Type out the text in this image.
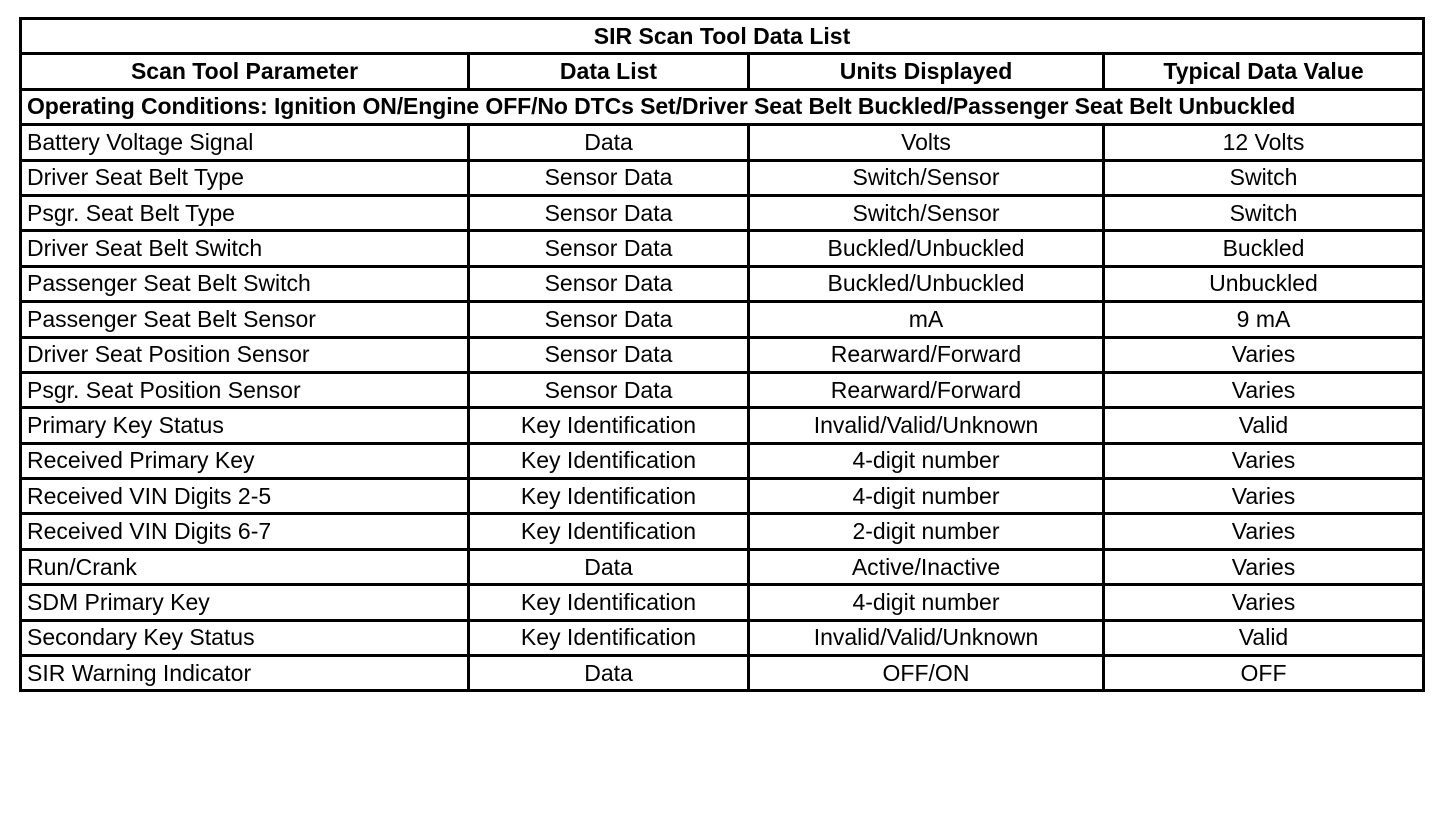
SIR Scan Tool Data List			
Scan Tool Parameter	Data List	Units Displayed	Typical Data Value
Operating Conditions: Ignition ON/Engine OFF/No DTCs Set/Driver Seat Belt Buckled/Passenger Seat Belt Unbuckled			
Battery Voltage Signal	Data	Volts	12 Volts
Driver Seat Belt Type	Sensor Data	Switch/Sensor	Switch
Psgr. Seat Belt Type	Sensor Data	Switch/Sensor	Switch
Driver Seat Belt Switch	Sensor Data	Buckled/Unbuckled	Buckled
Passenger Seat Belt Switch	Sensor Data	Buckled/Unbuckled	Unbuckled
Passenger Seat Belt Sensor	Sensor Data	mA	9 mA
Driver Seat Position Sensor	Sensor Data	Rearward/Forward	Varies
Psgr. Seat Position Sensor	Sensor Data	Rearward/Forward	Varies
Primary Key Status	Key Identification	Invalid/Valid/Unknown	Valid
Received Primary Key	Key Identification	4-digit number	Varies
Received VIN Digits 2-5	Key Identification	4-digit number	Varies
Received VIN Digits 6-7	Key Identification	2-digit number	Varies
Run/Crank	Data	Active/Inactive	Varies
SDM Primary Key	Key Identification	4-digit number	Varies
Secondary Key Status	Key Identification	Invalid/Valid/Unknown	Valid
SIR Warning Indicator	Data	OFF/ON	OFF
